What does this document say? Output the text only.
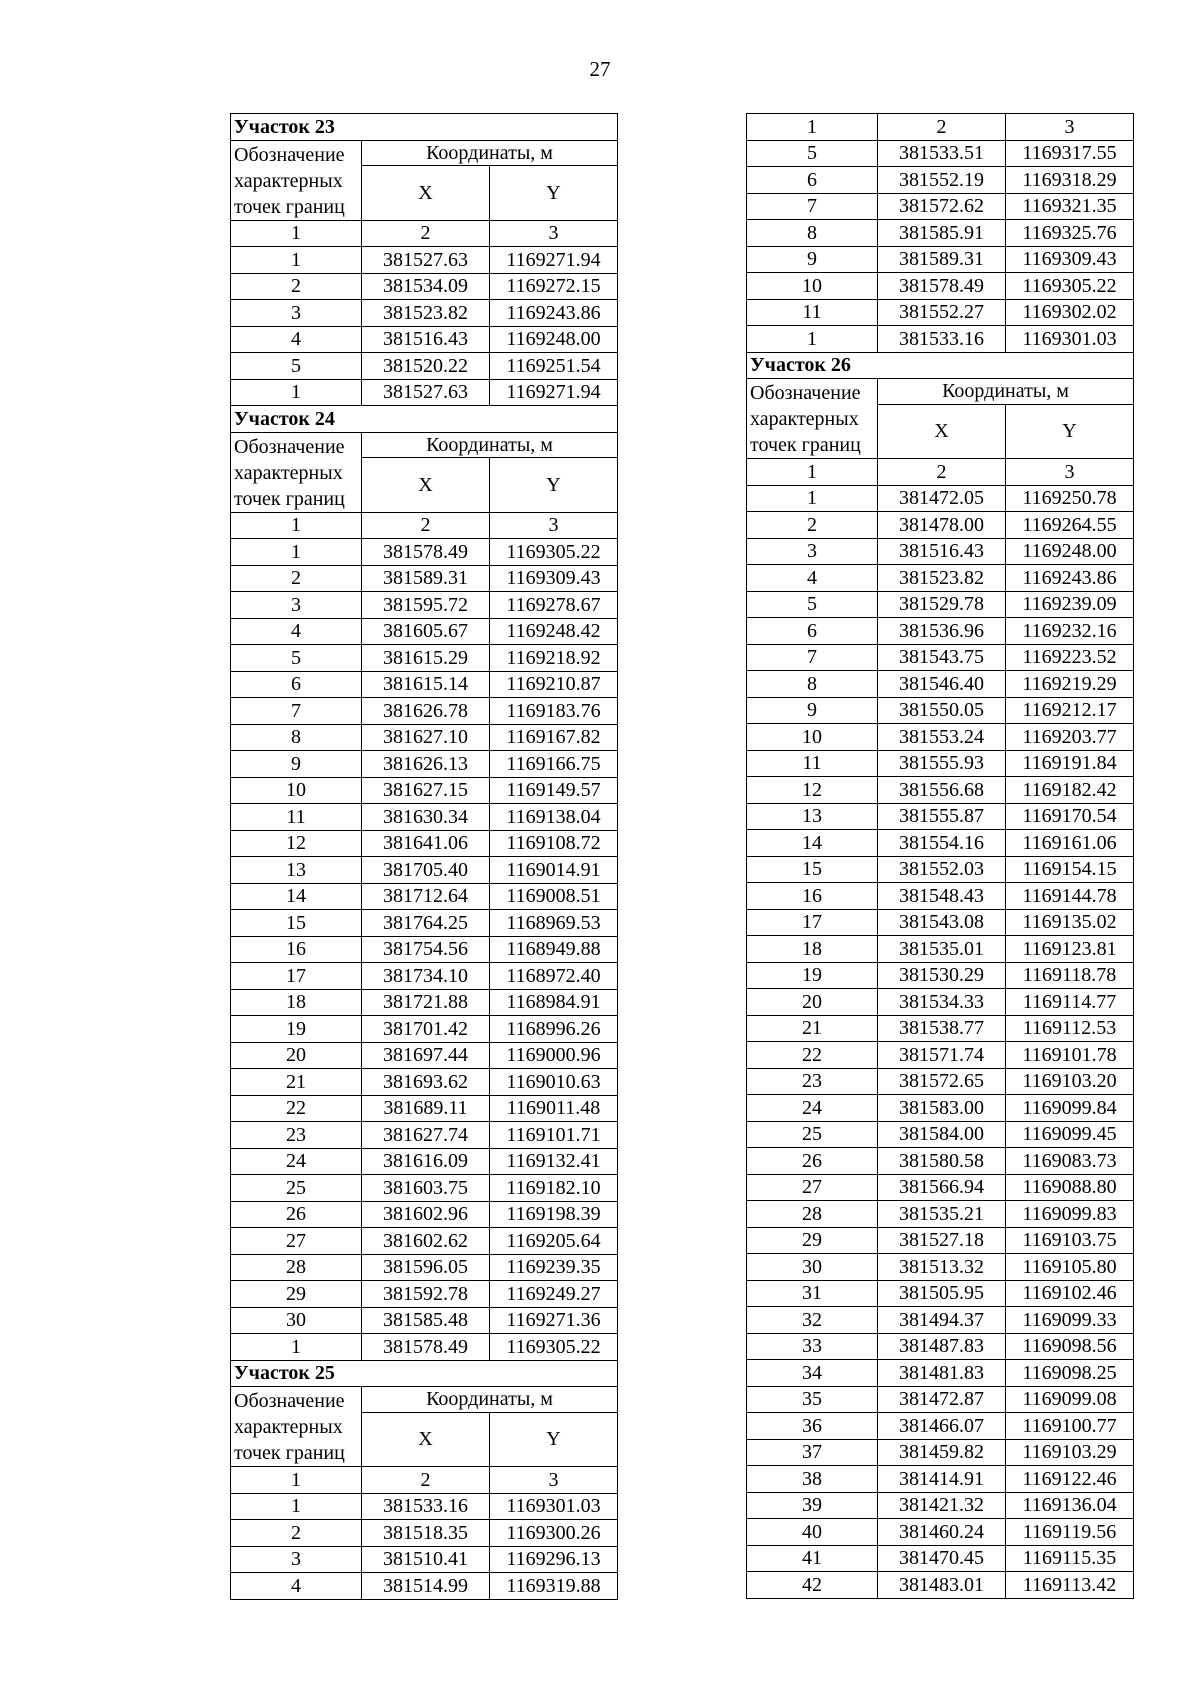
27
Участок 23		
Обозначение
характерных
точек границ	Координаты, м	
	X	Y
1	2	3
1	381527.63	1169271.94
2	381534.09	1169272.15
3	381523.82	1169243.86
4	381516.43	1169248.00
5	381520.22	1169251.54
1	381527.63	1169271.94
Участок 24		
Обозначение
характерных
точек границ	Координаты, м	
	X	Y
1	2	3
1	381578.49	1169305.22
2	381589.31	1169309.43
3	381595.72	1169278.67
4	381605.67	1169248.42
5	381615.29	1169218.92
6	381615.14	1169210.87
7	381626.78	1169183.76
8	381627.10	1169167.82
9	381626.13	1169166.75
10	381627.15	1169149.57
11	381630.34	1169138.04
12	381641.06	1169108.72
13	381705.40	1169014.91
14	381712.64	1169008.51
15	381764.25	1168969.53
16	381754.56	1168949.88
17	381734.10	1168972.40
18	381721.88	1168984.91
19	381701.42	1168996.26
20	381697.44	1169000.96
21	381693.62	1169010.63
22	381689.11	1169011.48
23	381627.74	1169101.71
24	381616.09	1169132.41
25	381603.75	1169182.10
26	381602.96	1169198.39
27	381602.62	1169205.64
28	381596.05	1169239.35
29	381592.78	1169249.27
30	381585.48	1169271.36
1	381578.49	1169305.22
Участок 25		
Обозначение
характерных
точек границ	Координаты, м	
	X	Y
1	2	3
1	381533.16	1169301.03
2	381518.35	1169300.26
3	381510.41	1169296.13
4	381514.99	1169319.88
1	2	3
5	381533.51	1169317.55
6	381552.19	1169318.29
7	381572.62	1169321.35
8	381585.91	1169325.76
9	381589.31	1169309.43
10	381578.49	1169305.22
11	381552.27	1169302.02
1	381533.16	1169301.03
Участок 26		
Обозначение
характерных
точек границ	Координаты, м	
	X	Y
1	2	3
1	381472.05	1169250.78
2	381478.00	1169264.55
3	381516.43	1169248.00
4	381523.82	1169243.86
5	381529.78	1169239.09
6	381536.96	1169232.16
7	381543.75	1169223.52
8	381546.40	1169219.29
9	381550.05	1169212.17
10	381553.24	1169203.77
11	381555.93	1169191.84
12	381556.68	1169182.42
13	381555.87	1169170.54
14	381554.16	1169161.06
15	381552.03	1169154.15
16	381548.43	1169144.78
17	381543.08	1169135.02
18	381535.01	1169123.81
19	381530.29	1169118.78
20	381534.33	1169114.77
21	381538.77	1169112.53
22	381571.74	1169101.78
23	381572.65	1169103.20
24	381583.00	1169099.84
25	381584.00	1169099.45
26	381580.58	1169083.73
27	381566.94	1169088.80
28	381535.21	1169099.83
29	381527.18	1169103.75
30	381513.32	1169105.80
31	381505.95	1169102.46
32	381494.37	1169099.33
33	381487.83	1169098.56
34	381481.83	1169098.25
35	381472.87	1169099.08
36	381466.07	1169100.77
37	381459.82	1169103.29
38	381414.91	1169122.46
39	381421.32	1169136.04
40	381460.24	1169119.56
41	381470.45	1169115.35
42	381483.01	1169113.42
